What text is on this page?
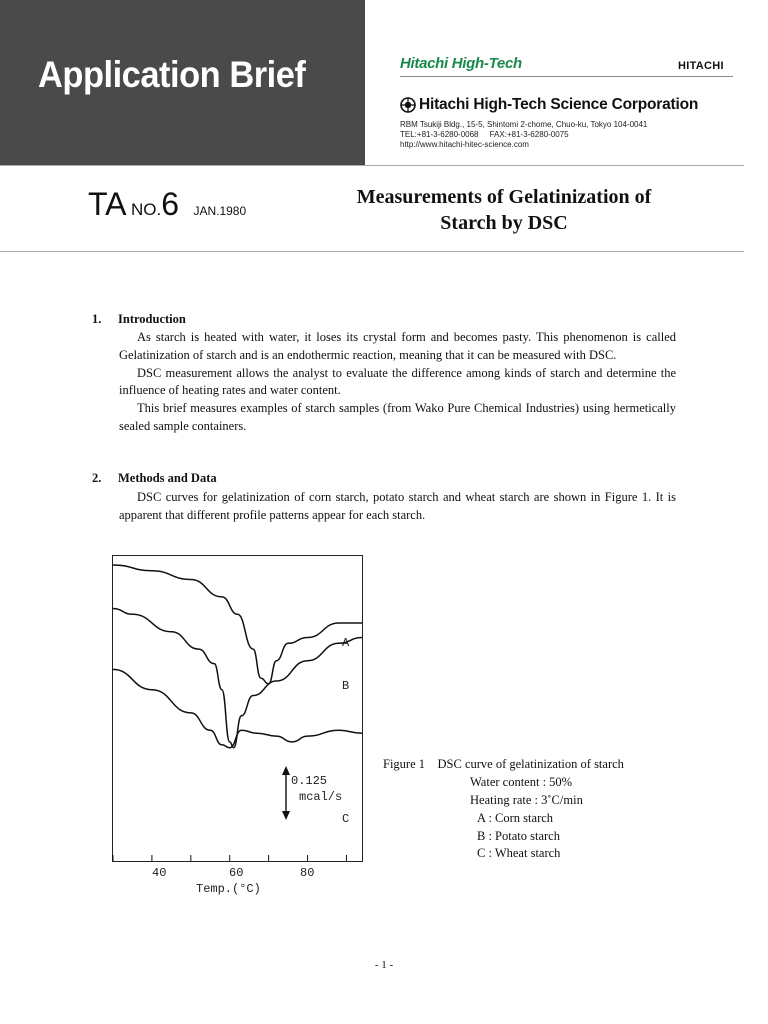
Application Brief	Hitachi High-Tech	HITACHI
Hitachi High-Tech Science Corporation
RBM Tsukiji Bldg., 15-5, Shintomi 2-chome, Chuo-ku, Tokyo 104-0041
TEL:+81-3-6280-0068     FAX:+81-3-6280-0075
http://www.hitachi-hitec-science.com
TA NO.6 JAN.1980
Measurements of Gelatinization of
Starch by DSC
1. Introduction
As starch is heated with water, it loses its crystal form and becomes pasty. This phenomenon is called Gelatinization of starch and is an endothermic reaction, meaning that it can be measured with DSC.
DSC measurement allows the analyst to evaluate the difference among kinds of starch and determine the influence of heating rates and water content.
This brief measures examples of starch samples (from Wako Pure Chemical Industries) using hermetically sealed sample containers.
2. Methods and Data
DSC curves for gelatinization of corn starch, potato starch and wheat starch are shown in Figure 1. It is apparent that different profile patterns appear for each starch.
A
B
C
0.125
mcal/s
40	60	80
Temp.(°C)
Figure 1    DSC curve of gelatinization of starch
Water content : 50%
Heating rate : 3˚C/min
A : Corn starch
B : Potato starch
C : Wheat starch
- 1 -
